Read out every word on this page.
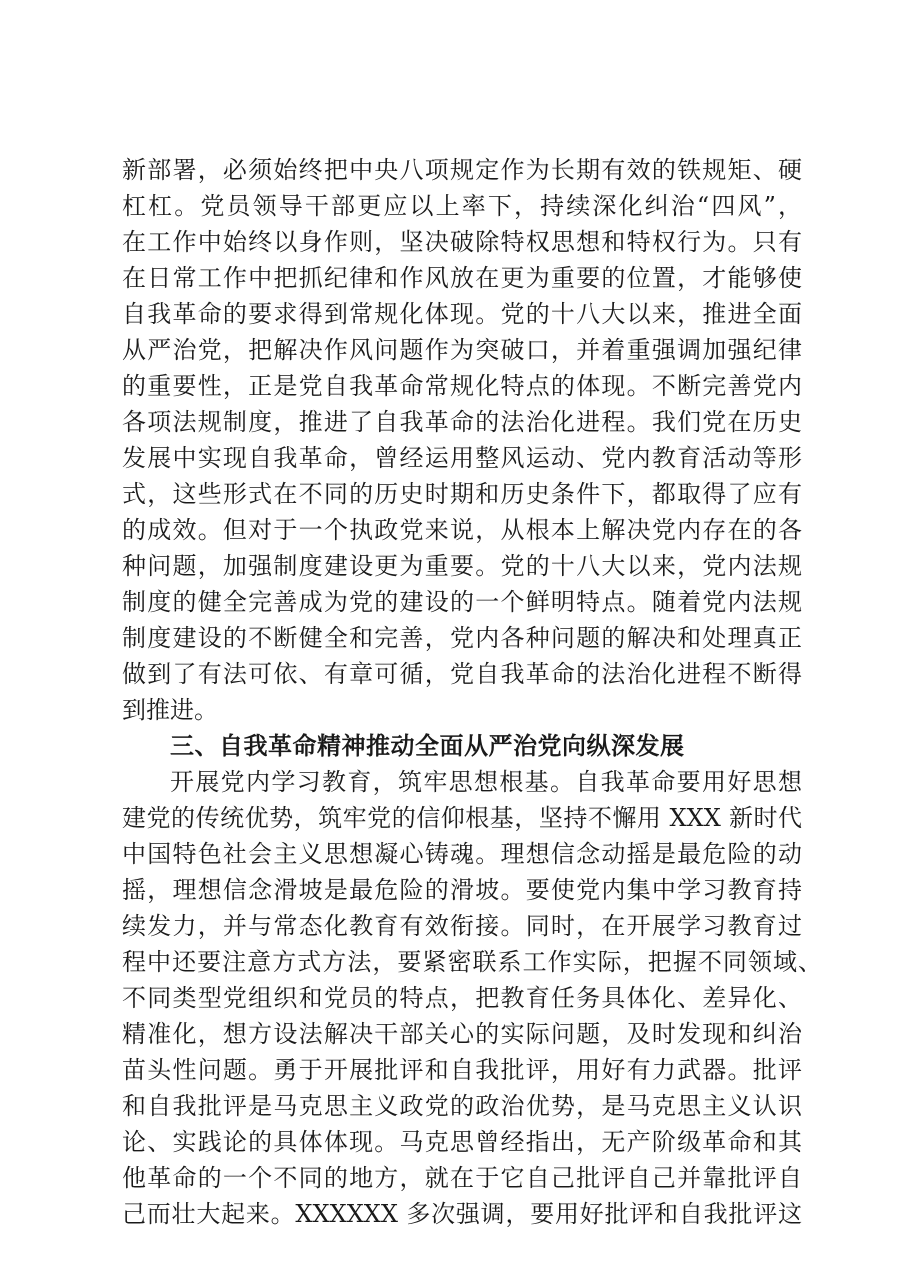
新部署，必须始终把中央八项规定作为长期有效的铁规矩、硬
杠杠。党员领导干部更应以上率下，持续深化纠治“四风”，
在工作中始终以身作则，坚决破除特权思想和特权行为。只有
在日常工作中把抓纪律和作风放在更为重要的位置，才能够使
自我革命的要求得到常规化体现。党的十八大以来，推进全面
从严治党，把解决作风问题作为突破口，并着重强调加强纪律
的重要性，正是党自我革命常规化特点的体现。不断完善党内
各项法规制度，推进了自我革命的法治化进程。我们党在历史
发展中实现自我革命，曾经运用整风运动、党内教育活动等形
式，这些形式在不同的历史时期和历史条件下，都取得了应有
的成效。但对于一个执政党来说，从根本上解决党内存在的各
种问题，加强制度建设更为重要。党的十八大以来，党内法规
制度的健全完善成为党的建设的一个鲜明特点。随着党内法规
制度建设的不断健全和完善，党内各种问题的解决和处理真正
做到了有法可依、有章可循，党自我革命的法治化进程不断得
到推进。
三、自我革命精神推动全面从严治党向纵深发展
开展党内学习教育，筑牢思想根基。自我革命要用好思想
建党的传统优势，筑牢党的信仰根基，坚持不懈用 XXX 新时代
中国特色社会主义思想凝心铸魂。理想信念动摇是最危险的动
摇，理想信念滑坡是最危险的滑坡。要使党内集中学习教育持
续发力，并与常态化教育有效衔接。同时，在开展学习教育过
程中还要注意方式方法，要紧密联系工作实际，把握不同领域、
不同类型党组织和党员的特点，把教育任务具体化、差异化、
精准化，想方设法解决干部关心的实际问题，及时发现和纠治
苗头性问题。勇于开展批评和自我批评，用好有力武器。批评
和自我批评是马克思主义政党的政治优势，是马克思主义认识
论、实践论的具体体现。马克思曾经指出，无产阶级革命和其
他革命的一个不同的地方，就在于它自己批评自己并靠批评自
己而壮大起来。XXXXXX 多次强调，要用好批评和自我批评这
